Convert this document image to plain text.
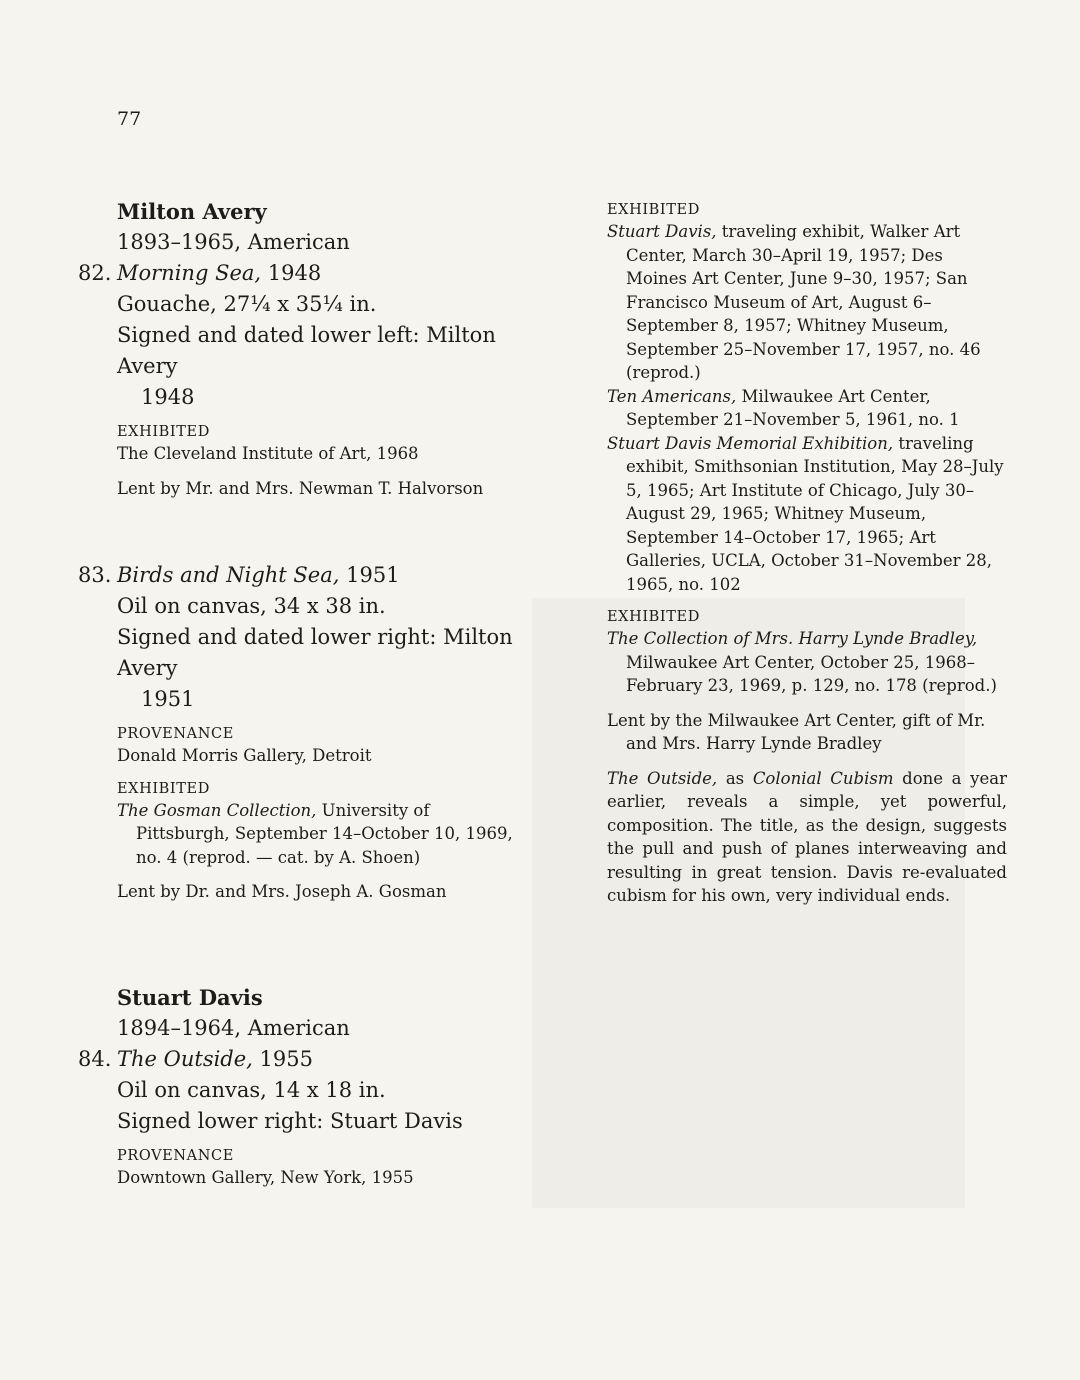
77
Milton Avery
1893–1965, American
82. Morning Sea, 1948
Gouache, 27¼ x 35¼ in.
Signed and dated lower left: Milton Avery
1948
EXHIBITED
The Cleveland Institute of Art, 1968
Lent by Mr. and Mrs. Newman T. Halvorson
83. Birds and Night Sea, 1951
Oil on canvas, 34 x 38 in.
Signed and dated lower right: Milton Avery
1951
PROVENANCE
Donald Morris Gallery, Detroit
EXHIBITED
The Gosman Collection, University of Pittsburgh, September 14–October 10, 1969, no. 4 (reprod. — cat. by A. Shoen)
Lent by Dr. and Mrs. Joseph A. Gosman
Stuart Davis
1894–1964, American
84. The Outside, 1955
Oil on canvas, 14 x 18 in.
Signed lower right: Stuart Davis
PROVENANCE
Downtown Gallery, New York, 1955
EXHIBITED
Stuart Davis, traveling exhibit, Walker Art Center, March 30–April 19, 1957; Des Moines Art Center, June 9–30, 1957; San Francisco Museum of Art, August 6–September 8, 1957; Whitney Museum, September 25–November 17, 1957, no. 46 (reprod.)
Ten Americans, Milwaukee Art Center, September 21–November 5, 1961, no. 1
Stuart Davis Memorial Exhibition, traveling exhibit, Smithsonian Institution, May 28–July 5, 1965; Art Institute of Chicago, July 30–August 29, 1965; Whitney Museum, September 14–October 17, 1965; Art Galleries, UCLA, October 31–November 28, 1965, no. 102
EXHIBITED
The Collection of Mrs. Harry Lynde Bradley, Milwaukee Art Center, October 25, 1968–February 23, 1969, p. 129, no. 178 (reprod.)
Lent by the Milwaukee Art Center, gift of Mr. and Mrs. Harry Lynde Bradley
The Outside, as Colonial Cubism done a year earlier, reveals a simple, yet powerful, composition. The title, as the design, suggests the pull and push of planes interweaving and resulting in great tension. Davis re-evaluated cubism for his own, very individual ends.
